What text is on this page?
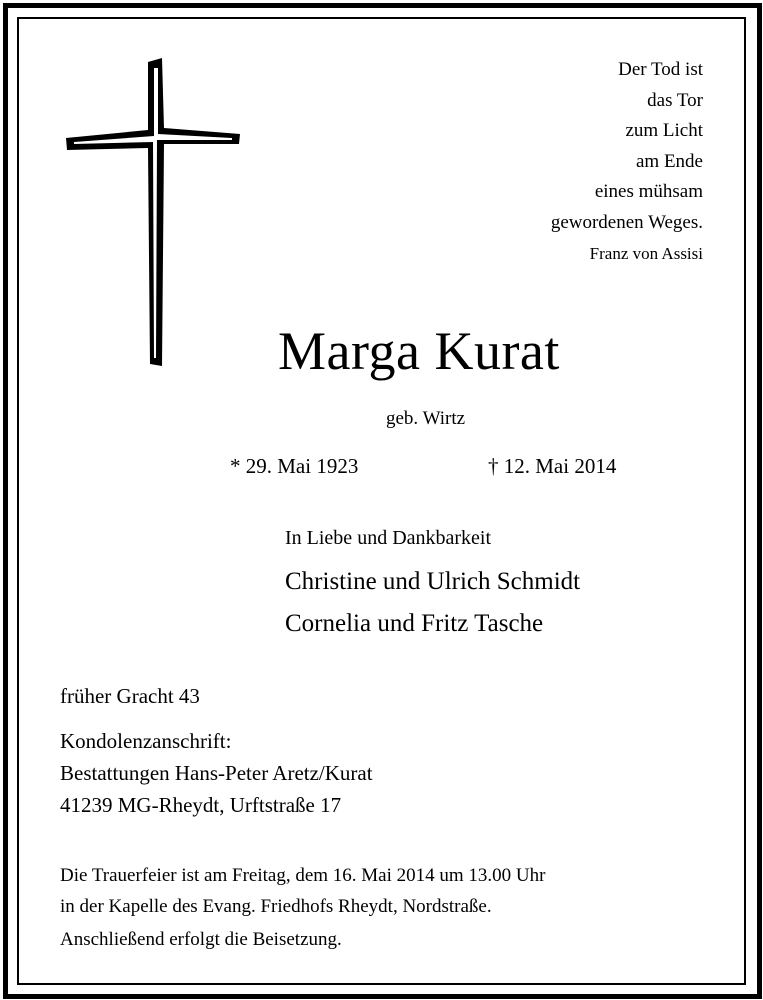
Der Tod ist
das Tor
zum Licht
am Ende
eines mühsam
gewordenen Weges.
Franz von Assisi
Marga Kurat
geb. Wirtz
* 29. Mai 1923	† 12. Mai 2014
In Liebe und Dankbarkeit
Christine und Ulrich Schmidt
Cornelia und Fritz Tasche
früher Gracht 43
Kondolenzanschrift:
Bestattungen Hans-Peter Aretz/Kurat
41239 MG-Rheydt, Urftstraße 17
Die Trauerfeier ist am Freitag, dem 16. Mai 2014 um 13.00 Uhr
in der Kapelle des Evang. Friedhofs Rheydt, Nordstraße.
Anschließend erfolgt die Beisetzung.
